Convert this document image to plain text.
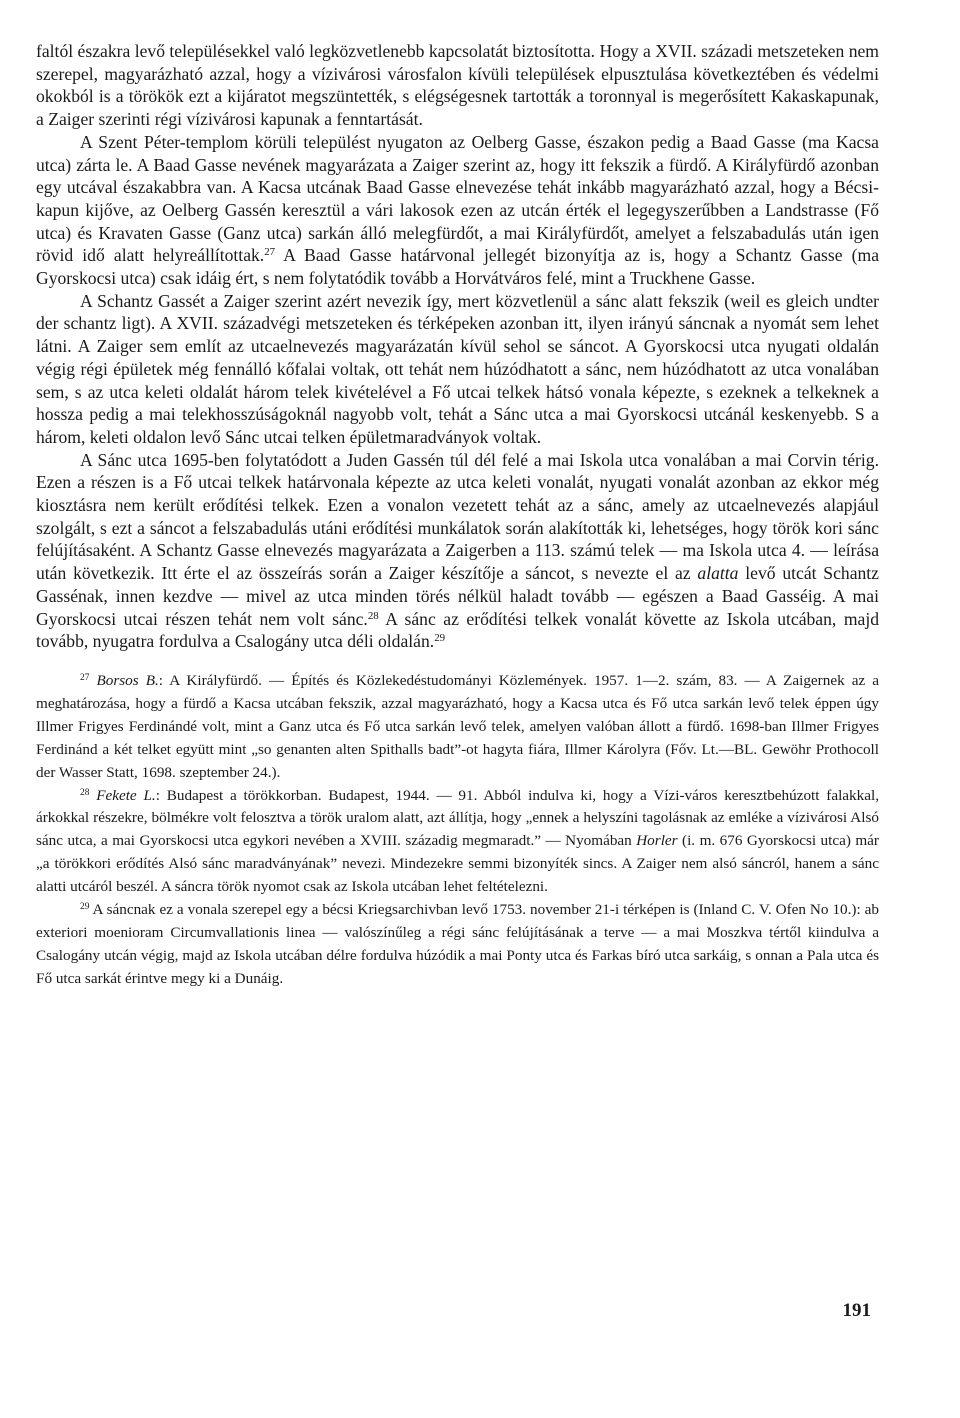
faltól északra levő településekkel való legközvetlenebb kapcsolatát biztosította. Hogy a XVII. századi metszeteken nem szerepel, magyarázható azzal, hogy a vízivárosi városfalon kívüli települések elpusztulása következtében és védelmi okokból is a törökök ezt a kijáratot megszüntették, s elégségesnek tartották a toronnyal is megerősített Kakaskapunak, a Zaiger szerinti régi vízivárosi kapunak a fenntartását.

A Szent Péter-templom körüli települést nyugaton az Oelberg Gasse, északon pedig a Baad Gasse (ma Kacsa utca) zárta le. A Baad Gasse nevének magyarázata a Zaiger szerint az, hogy itt fekszik a fürdő. A Királyfürdő azonban egy utcával északabbra van. A Kacsa utcának Baad Gasse elnevezése tehát inkább magyarázható azzal, hogy a Bécsi-kapun kijőve, az Oelberg Gassén keresztül a vári lakosok ezen az utcán érték el legegyszerűbben a Landstrasse (Fő utca) és Kravaten Gasse (Ganz utca) sarkán álló melegfürdőt, a mai Királyfürdőt, amelyet a felszabadulás után igen rövid idő alatt helyreállítottak.$^{27}$ A Baad Gasse határvonal jellegét bizonyítja az is, hogy a Schantz Gasse (ma Gyorskocsi utca) csak idáig ért, s nem folytatódik tovább a Horvátváros felé, mint a Truckhene Gasse.

A Schantz Gassét a Zaiger szerint azért nevezik így, mert közvetlenül a sánc alatt fekszik (weil es gleich undter der schantz ligt). A XVII. századvégi metszeteken és térképeken azonban itt, ilyen irányú sáncnak a nyomát sem lehet látni. A Zaiger sem említ az utcaelnevezés magyarázatán kívül sehol se sáncot. A Gyorskocsi utca nyugati oldalán végig régi épületek még fennálló kőfalai voltak, ott tehát nem húzódhatott a sánc, nem húzódhatott az utca vonalában sem, s az utca keleti oldalát három telek kivételével a Fő utcai telkek hátsó vonala képezte, s ezeknek a telkeknek a hossza pedig a mai telekhosszúságoknál nagyobb volt, tehát a Sánc utca a mai Gyorskocsi utcánál keskenyebb. S a három, keleti oldalon levő Sánc utcai telken épületmaradványok voltak.

A Sánc utca 1695-ben folytatódott a Juden Gassén túl dél felé a mai Iskola utca vonalában a mai Corvin térig. Ezen a részen is a Fő utcai telkek határvonala képezte az utca keleti vonalát, nyugati vonalát azonban az ekkor még kiosztásra nem került erődítési telkek. Ezen a vonalon vezetett tehát az a sánc, amely az utcaelnevezés alapjául szolgált, s ezt a sáncot a felszabadulás utáni erődítési munkálatok során alakították ki, lehetséges, hogy török kori sánc felújításaként. A Schantz Gasse elnevezés magyarázata a Zaigerben a 113. számú telek — ma Iskola utca 4. — leírása után következik. Itt érte el az összeírás során a Zaiger készítője a sáncot, s nevezte el az alatta levő utcát Schantz Gassénak, innen kezdve — mivel az utca minden törés nélkül haladt tovább — egészen a Baad Gasséig. A mai Gyorskocsi utcai részen tehát nem volt sánc.$^{28}$ A sánc az erődítési telkek vonalát követte az Iskola utcában, majd tovább, nyugatra fordulva a Csalogány utca déli oldalán.$^{29}$

$^{27}$ Borsos B.: A Királyfürdő. — Építés és Közlekedéstudományi Közlemények. 1957. 1—2. szám, 83. — A Zaigernek az a meghatározása, hogy a fürdő a Kacsa utcában fekszik, azzal magyarázható, hogy a Kacsa utca és Fő utca sarkán levő telek éppen úgy Illmer Frigyes Ferdinándé volt, mint a Ganz utca és Fő utca sarkán levő telek, amelyen valóban állott a fürdő. 1698-ban Illmer Frigyes Ferdinánd a két telket együtt mint „so genanten alten Spithalls badt”-ot hagyta fiára, Illmer Károlyra (Főv. Lt.—BL. Gewöhr Prothocoll der Wasser Statt, 1698. szeptember 24.).

$^{28}$ Fekete L.: Budapest a törökkorban. Budapest, 1944. — 91. Abból indulva ki, hogy a Vízi-város keresztbehúzott falakkal, árkokkal részekre, bölmékre volt felosztva a török uralom alatt, azt állítja, hogy „ennek a helyszíni tagolásnak az emléke a vízivárosi Alsó sánc utca, a mai Gyorskocsi utca egykori nevében a XVIII. századig megmaradt.” — Nyomában Horler (i. m. 676 Gyorskocsi utca) már „a törökkori erődítés Alsó sánc maradványának” nevezi. Mindezekre semmi bizonyíték sincs. A Zaiger nem alsó sáncról, hanem a sánc alatti utcáról beszél. A sáncra török nyomot csak az Iskola utcában lehet feltételezni.

$^{29}$ A sáncnak ez a vonala szerepel egy a bécsi Kriegsarchivban levő 1753. november 21-i térképen is (Inland C. V. Ofen No 10.): ab exteriori moenioram Circumvallationis linea — valószínűleg a régi sánc felújításának a terve — a mai Moszkva tértől kiindulva a Csalogány utcán végig, majd az Iskola utcában délre fordulva húzódik a mai Ponty utca és Farkas bíró utca sarkáig, s onnan a Pala utca és Fő utca sarkát érintve megy ki a Dunáig.

191
